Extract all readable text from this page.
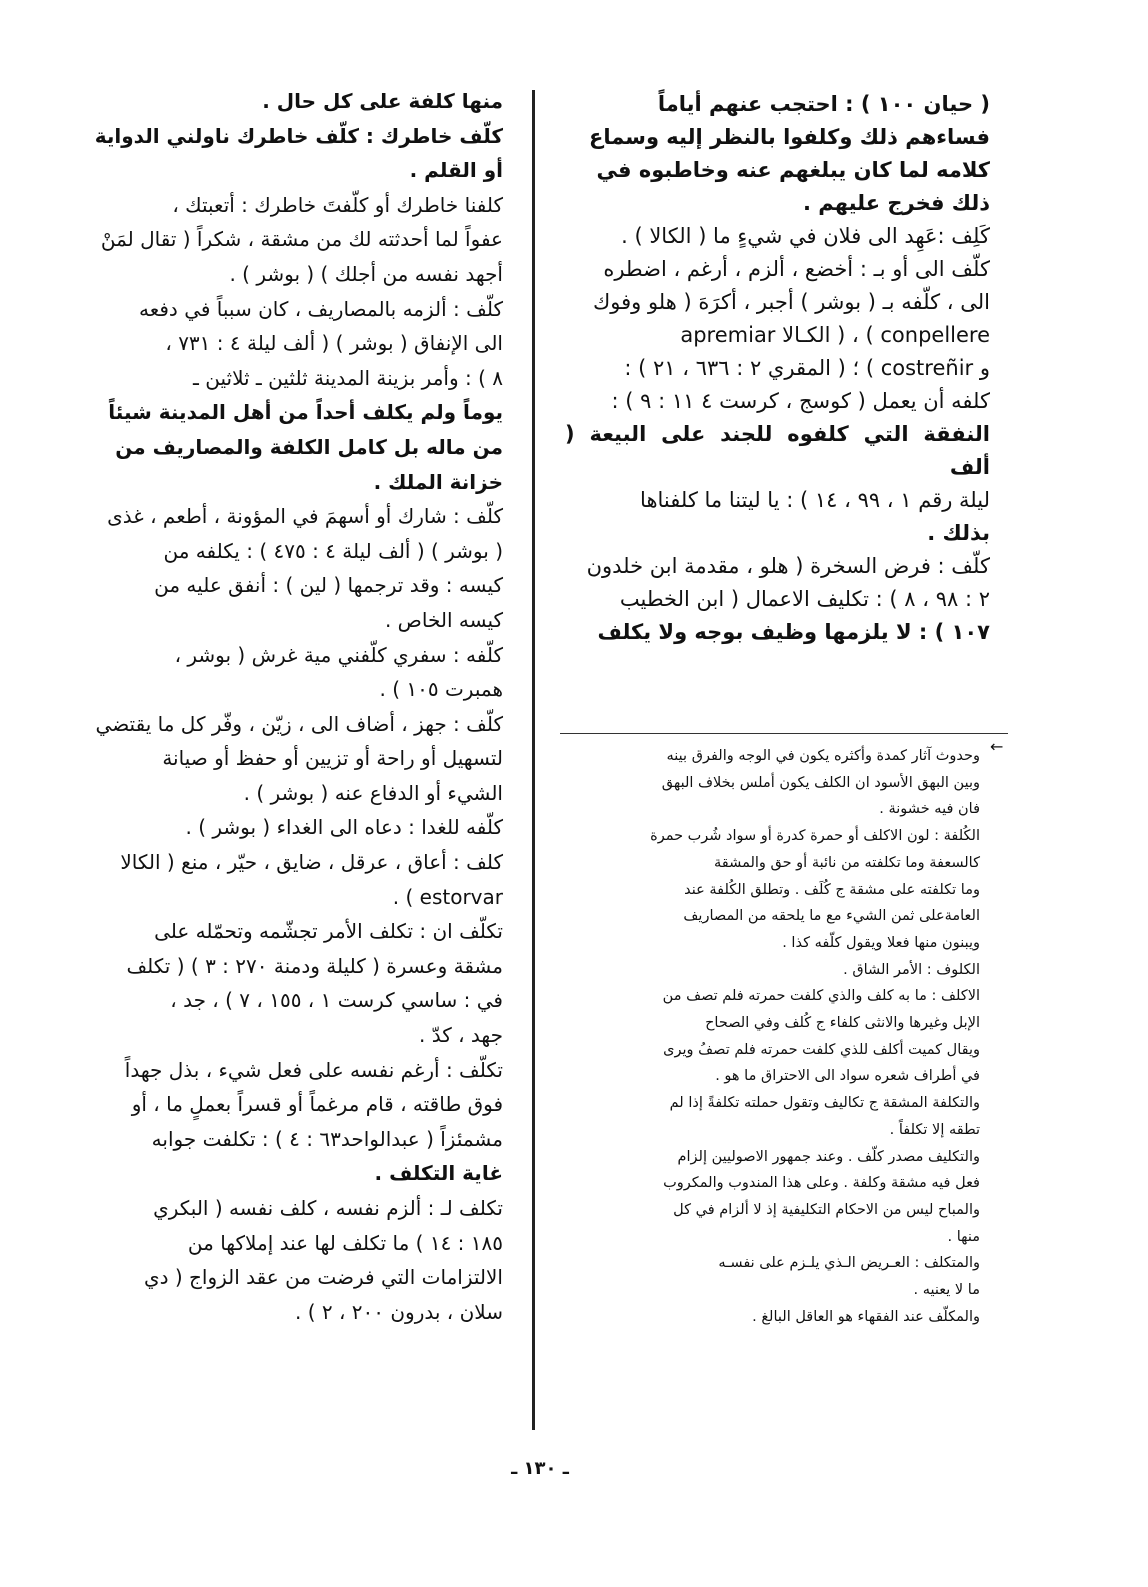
( حيان ١٠٠ ) : احتجب عنهم أياماً

فساءهم ذلك وكلفوا بالنظر إليه وسماع

كلامه لما كان يبلغهم عنه وخاطبوه في

ذلك فخرج عليهم .

كَلِف :عَهِد الى فلان في شيءٍ ما ( الكالا ) .

كلّف الى أو بـ : أخضع ، ألزم ، أرغم ، اضطره

الى ، كلّفه بـ ( بوشر ) أجبر ، أكرَهَ ( هلو وفوك

conpellere ) ، ( الكـالا apremiar

و costreñir ) ؛ ( المقري ٢ : ٦٣٦ ، ٢١ ) :

كلفه أن يعمل ( كوسج ، كرست ٤ ١١ : ٩ ) :

النفقة التي كلفوه للجند على البيعة ( ألف

ليلة رقم ١ ، ٩٩ ، ١٤ ) : يا ليتنا ما كلفناها

بذلك .

كلّف : فرض السخرة ( هلو ، مقدمة ابن خلدون

٢ : ٩٨ ، ٨ ) : تكليف الاعمال ( ابن الخطيب

١٠٧ ) : لا يلزمها وظيف بوجه ولا يكلف

←

وحدوث آثار كمدة وأكثره يكون في الوجه والفرق بينه

وبين البهق الأسود ان الكلف يكون أملس بخلاف البهق

فان فيه خشونة .

الكُلفة : لون الاكلف أو حمرة كدرة أو سواد شُرب حمرة

كالسعفة وما تكلفته من نائبة أو حق والمشقة

وما تكلفته على مشقة ج كُلَف . وتطلق الكُلفة عند

العامةعلى ثمن الشيء مع ما يلحقه من المصاريف

ويبنون منها فعلا ويقول كلّفه كذا .

الكلوف : الأمر الشاق .

الاكلف : ما به كلف والذي كلفت حمرته فلم تصف من

الإبل وغيرها والانثى كلفاء ج كُلف وفي الصحاح

ويقال كميت أكلف للذي كلفت حمرته فلم تصفُ ويرى

في أطراف شعره سواد الى الاحتراق ما هو .

والتكلفة المشقة ج تكاليف وتقول حملته تكلفةً إذا لم

تطقه إلا تكلفاً .

والتكليف مصدر كلّف . وعند جمهور الاصوليين إلزام

فعل فيه مشقة وكلفة . وعلى هذا المندوب والمكروب

والمباح ليس من الاحكام التكليفية إذ لا ألزام في كل

منها .

والمتكلف : العـريض الـذي يلـزم على نفسـه

ما لا يعنيه .

والمكلّف عند الفقهاء هو العاقل البالغ .

منها كلفة على كل حال .

كلّف خاطرك : كلّف خاطرك ناولني الدواية

أو القلم .

كلفنا خاطرك أو كلّفتَ خاطرك : أتعبتك ،

عفواً لما أحدثته لك من مشقة ، شكراً ( تقال لمَنْ

أجهد نفسه من أجلك ) ( بوشر ) .

كلّف : ألزمه بالمصاريف ، كان سبباً في دفعه

الى الإنفاق ( بوشر ) ( ألف ليلة ٤ : ٧٣١ ،

٨ ) : وأمر بزينة المدينة ثلثين ـ ثلاثين ـ

يوماً ولم يكلف أحداً من أهل المدينة شيئاً

من ماله بل كامل الكلفة والمصاريف من

خزانة الملك .

كلّف : شارك أو أسهمَ في المؤونة ، أطعم ، غذى

( بوشر ) ( ألف ليلة ٤ : ٤٧٥ ) : يكلفه من

كيسه : وقد ترجمها ( لين ) : أنفق عليه من

كيسه الخاص .

كلّفه : سفري كلّفني مية غرش ( بوشر ،

همبرت ١٠٥ ) .

كلّف : جهز ، أضاف الى ، زيّن ، وفّر كل ما يقتضي

لتسهيل أو راحة أو تزيين أو حفظ أو صيانة

الشيء أو الدفاع عنه ( بوشر ) .

كلّفه للغدا : دعاه الى الغداء ( بوشر ) .

كلف : أعاق ، عرقل ، ضايق ، حيّر ، منع ( الكالا

estorvar ) .

تكلّف ان : تكلف الأمر تجشّمه وتحمّله على

مشقة وعسرة ( كليلة ودمنة ٢٧٠ : ٣ ) ( تكلف

في : ساسي كرست ١ ، ١٥٥ ، ٧ ) ، جد ،

جهد ، كدّ .

تكلّف : أرغم نفسه على فعل شيء ، بذل جهداً

فوق طاقته ، قام مرغماً أو قسراً بعملٍ ما ، أو

مشمئزاً ( عبدالواحد٦٣ : ٤ ) : تكلفت جوابه

غاية التكلف .

تكلف لـ : ألزم نفسه ، كلف نفسه ( البكري

١٨٥ : ١٤ ) ما تكلف لها عند إملاكها من

الالتزامات التي فرضت من عقد الزواج ( دي

سلان ، بدرون ٢٠٠ ، ٢ ) .

ـ ١٣٠ ـ
